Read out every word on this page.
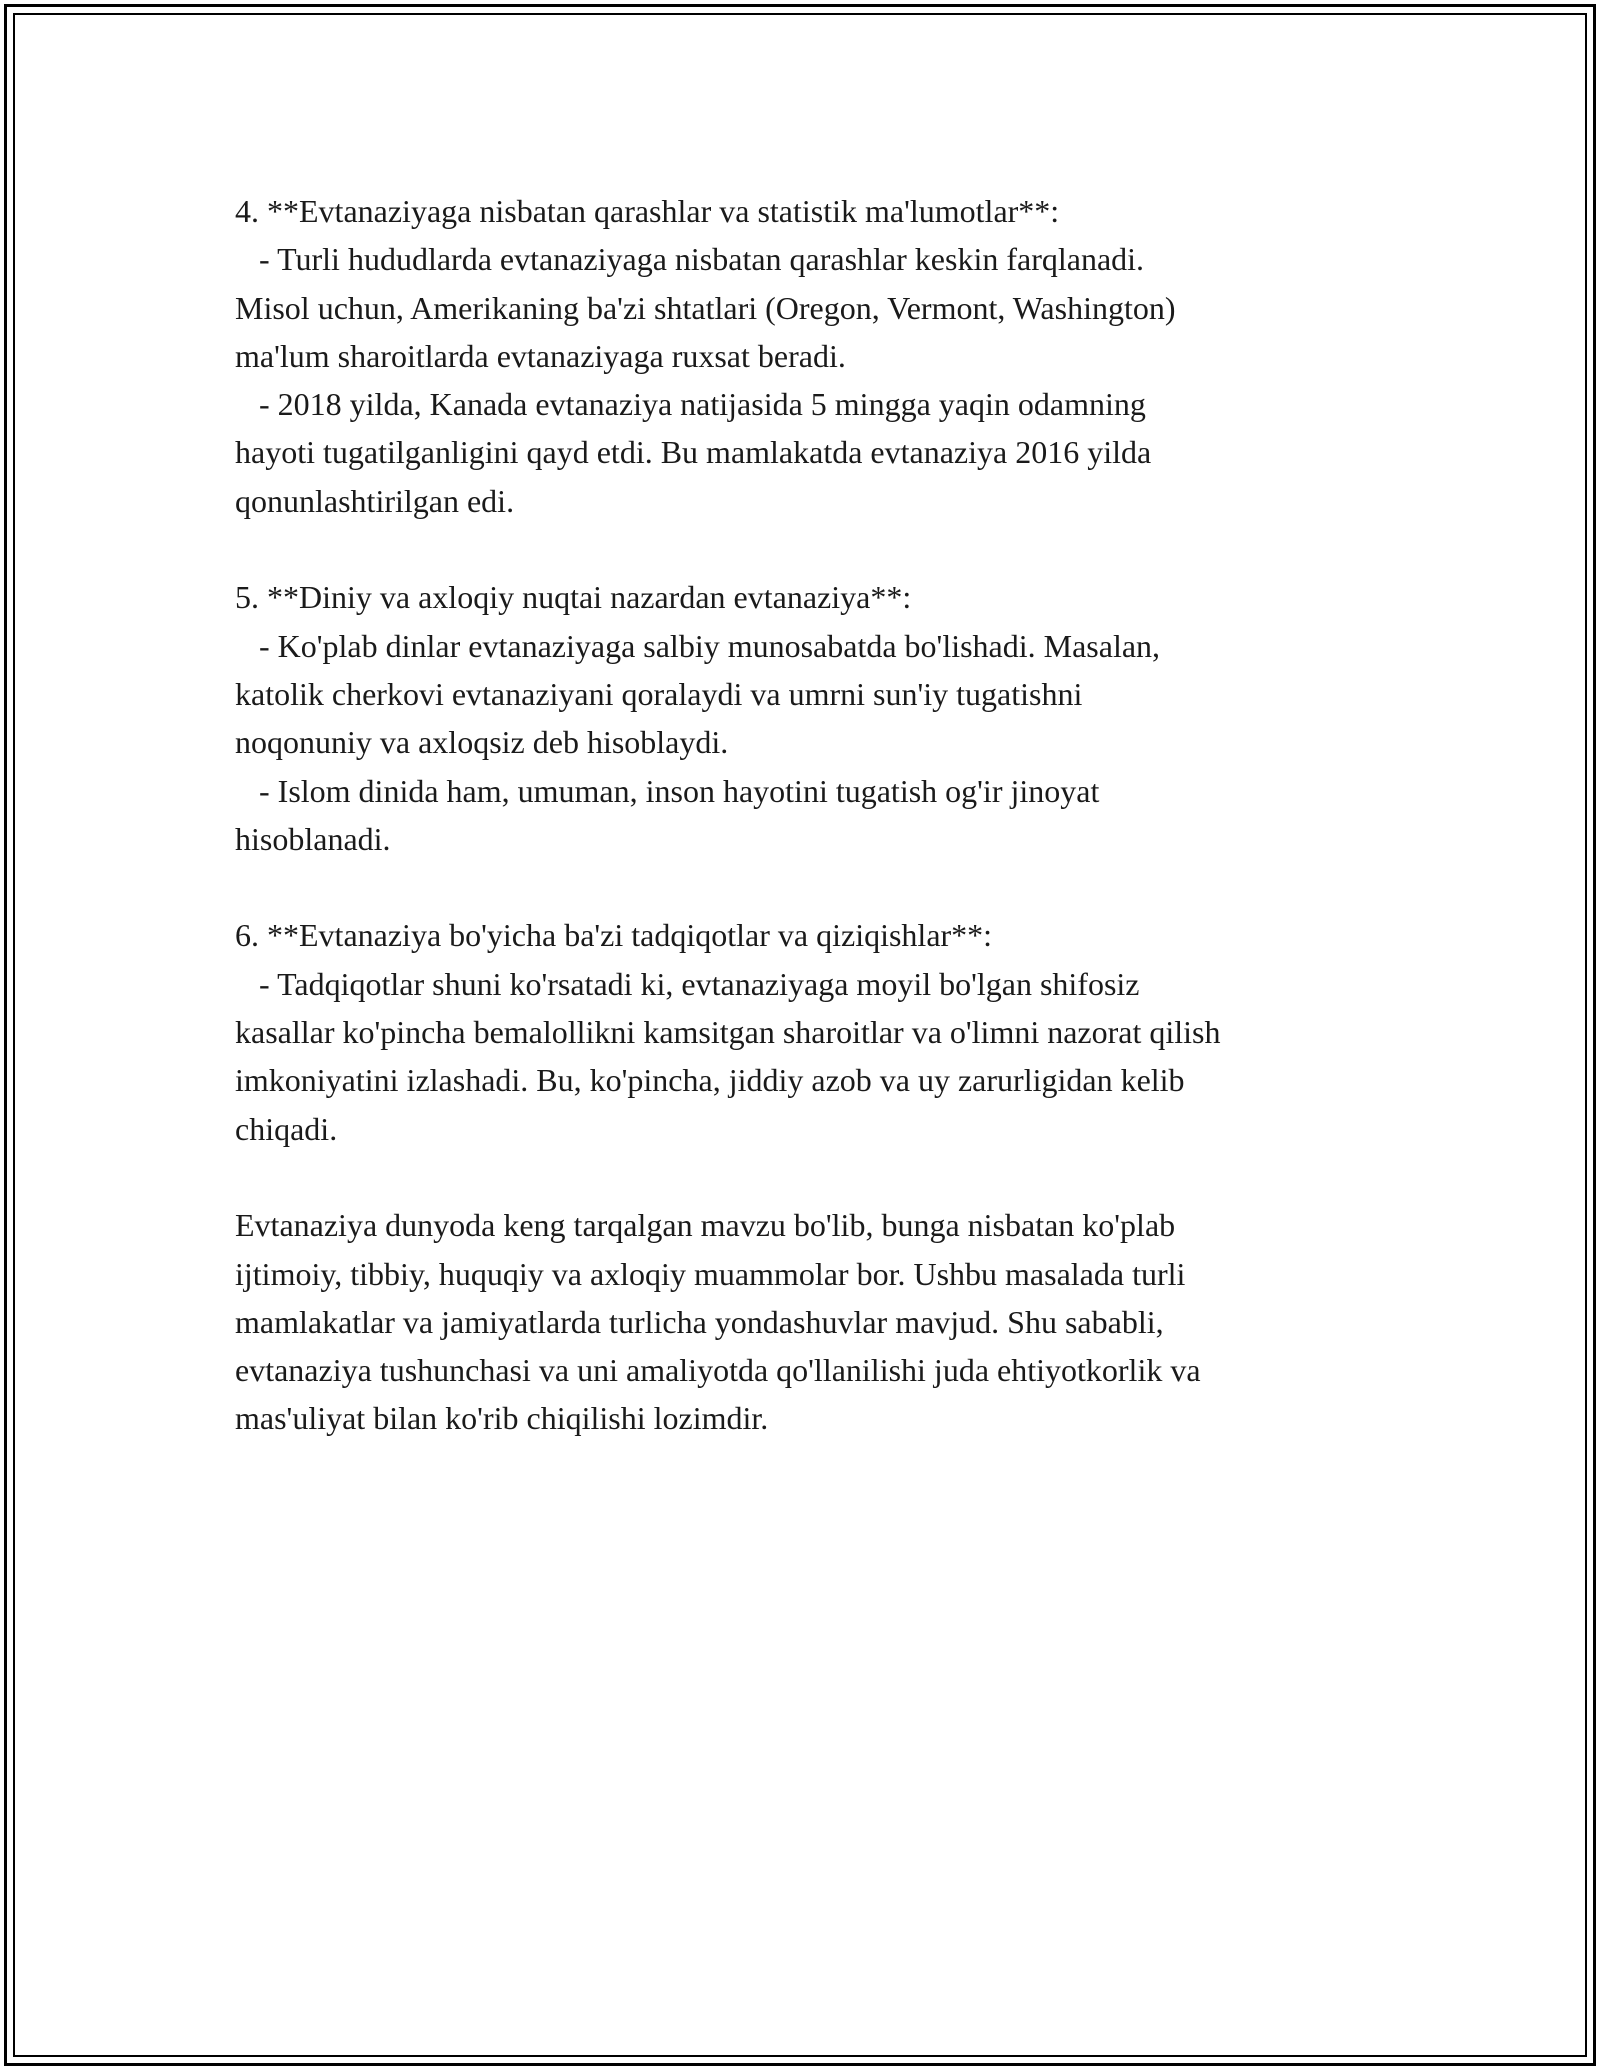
4. **Evtanaziyaga nisbatan qarashlar va statistik ma'lumotlar**:
- Turli hududlarda evtanaziyaga nisbatan qarashlar keskin farqlanadi.
Misol uchun, Amerikaning ba'zi shtatlari (Oregon, Vermont, Washington)
ma'lum sharoitlarda evtanaziyaga ruxsat beradi.
- 2018 yilda, Kanada evtanaziya natijasida 5 mingga yaqin odamning
hayoti tugatilganligini qayd etdi. Bu mamlakatda evtanaziya 2016 yilda
qonunlashtirilgan edi.
5. **Diniy va axloqiy nuqtai nazardan evtanaziya**:
- Ko'plab dinlar evtanaziyaga salbiy munosabatda bo'lishadi. Masalan,
katolik cherkovi evtanaziyani qoralaydi va umrni sun'iy tugatishni
noqonuniy va axloqsiz deb hisoblaydi.
- Islom dinida ham, umuman, inson hayotini tugatish og'ir jinoyat
hisoblanadi.
6. **Evtanaziya bo'yicha ba'zi tadqiqotlar va qiziqishlar**:
- Tadqiqotlar shuni ko'rsatadi ki, evtanaziyaga moyil bo'lgan shifosiz
kasallar ko'pincha bemalollikni kamsitgan sharoitlar va o'limni nazorat qilish
imkoniyatini izlashadi. Bu, ko'pincha, jiddiy azob va uy zarurligidan kelib
chiqadi.
Evtanaziya dunyoda keng tarqalgan mavzu bo'lib, bunga nisbatan ko'plab
ijtimoiy, tibbiy, huquqiy va axloqiy muammolar bor. Ushbu masalada turli
mamlakatlar va jamiyatlarda turlicha yondashuvlar mavjud. Shu sababli,
evtanaziya tushunchasi va uni amaliyotda qo'llanilishi juda ehtiyotkorlik va
mas'uliyat bilan ko'rib chiqilishi lozimdir.
